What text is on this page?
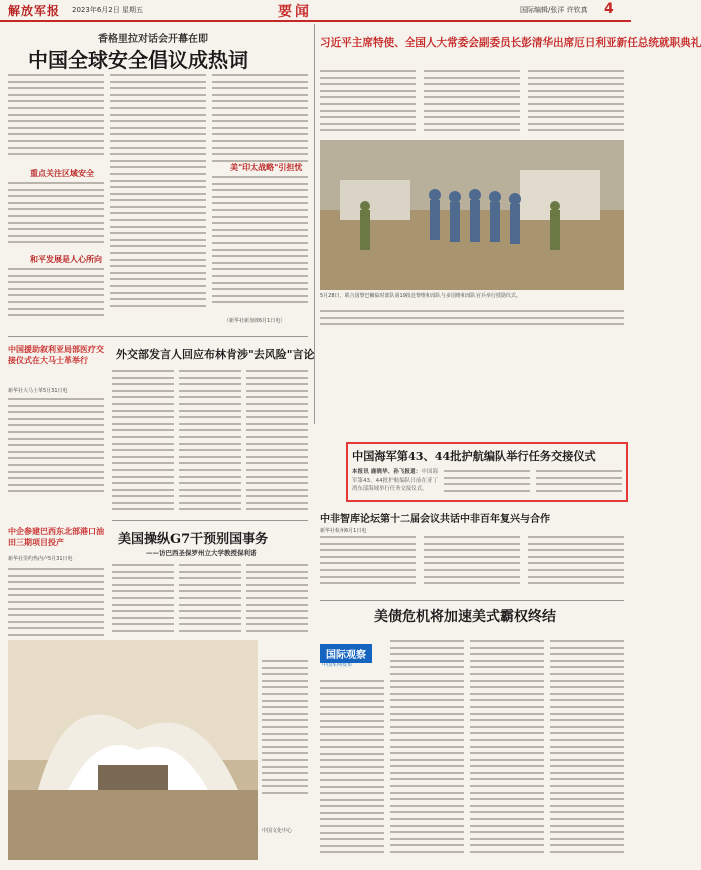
解放军报 2023年6月2日 星期五	要闻	国际编辑/张洋 许钦真 4
香格里拉对话会开幕在即
中国全球安全倡议成热词
重点关注区域安全
和平发展是人心所向
美"印太战略"引担忧
（新华社新加坡6月1日电）
习近平主席特使、全国人大常委会副委员长彭清华出席厄日利亚新任总统就职典礼
5月28日，联合国黎巴嫩临时部队第19批赴黎维和部队与多国维和部队官兵举行授勋仪式。
中国海军第43、44批护航编队举行任务交接仪式
本报讯 鹿晓华、孙飞报道：中国海军第43、44批护航编队日前在亚丁湾东部海域举行任务交接仪式。
中国援助叙利亚局部医疗交接仪式在大马士革举行
新华社大马士革5月31日电
中企参建巴西东北部港口油田三期项目投产
新华社里约热内卢5月31日电
外交部发言人回应布林肯涉"去风险"言论
美国操纵G7干预别国事务
——访巴西圣保罗州立大学教授保利诺
中国文化中心
中非智库论坛第十二届会议共话中非百年复兴与合作
新华社杭州6月1日电
美债危机将加速美式霸权终结
国际观察
中国军网发布
